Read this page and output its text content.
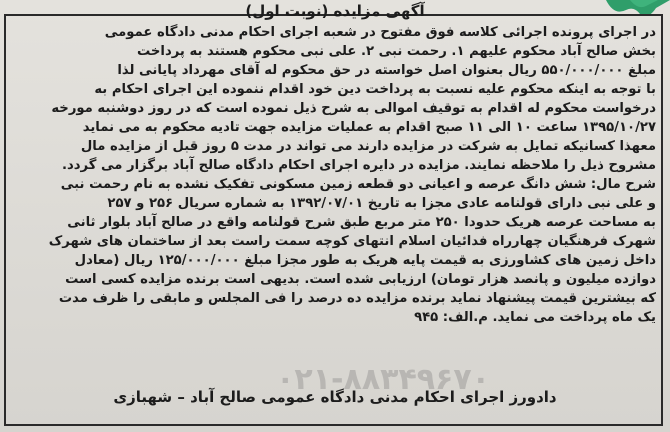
آگهی مزایده (نوبت اول)
در اجرای پرونده اجرائی کلاسه فوق مفتوح در شعبه اجرای احکام مدنی دادگاه عمومی
بخش صالح آباد محکوم علیهم ۱. رحمت نبی ۲. علی نبی محکوم هستند به پرداخت
مبلغ ۵۵۰/۰۰۰/۰۰۰ ریال بعنوان اصل خواسته در حق محکوم له آقای مهرداد پایانی لذا
با توجه به اینکه محکوم علیه نسبت به پرداخت دین خود اقدام ننموده این اجرای احکام به
درخواست محکوم له اقدام به توقیف اموالی به شرح ذیل نموده است که در روز دوشنبه مورخه
۱۳۹۵/۱۰/۲۷ ساعت ۱۰ الی ۱۱ صبح اقدام به عملیات مزایده جهت تادیه محکوم به می نماید
معهذا کسانیکه تمایل به شرکت در مزایده دارند می تواند در مدت ۵ روز قبل از مزایده مال
مشروح ذیل را ملاحظه نمایند. مزایده در دایره اجرای احکام دادگاه صالح آباد برگزار می گردد.
شرح مال: شش دانگ عرصه و اعیانی دو قطعه زمین مسکونی تفکیک نشده به نام رحمت نبی
و علی نبی دارای قولنامه عادی مجزا به تاریخ ۱۳۹۲/۰۷/۰۱ به شماره سریال ۲۵۶ و ۲۵۷
به مساحت عرصه هریک حدودا ۲۵۰ متر مربع طبق شرح قولنامه واقع در صالح آباد بلوار ثانی
شهرک فرهنگیان چهارراه فدائیان اسلام انتهای کوچه سمت راست بعد از ساختمان های شهرک
داخل زمین های کشاورزی به قیمت پایه هریک به طور مجزا مبلغ ۱۲۵/۰۰۰/۰۰۰ ریال (معادل
دوازده میلیون و پانصد هزار تومان) ارزیابی شده است. بدیهی است برنده مزایده کسی است
که بیشترین قیمت پیشنهاد نماید برنده مزایده ده درصد را فی المجلس و مابقی را ظرف مدت
یک ماه پرداخت می نماید. م.الف: ۹۴۵
۰۲۱-۸۸۳۴۹۶۷۰
دادورز اجرای احکام مدنی دادگاه عمومی صالح آباد – شهبازی
